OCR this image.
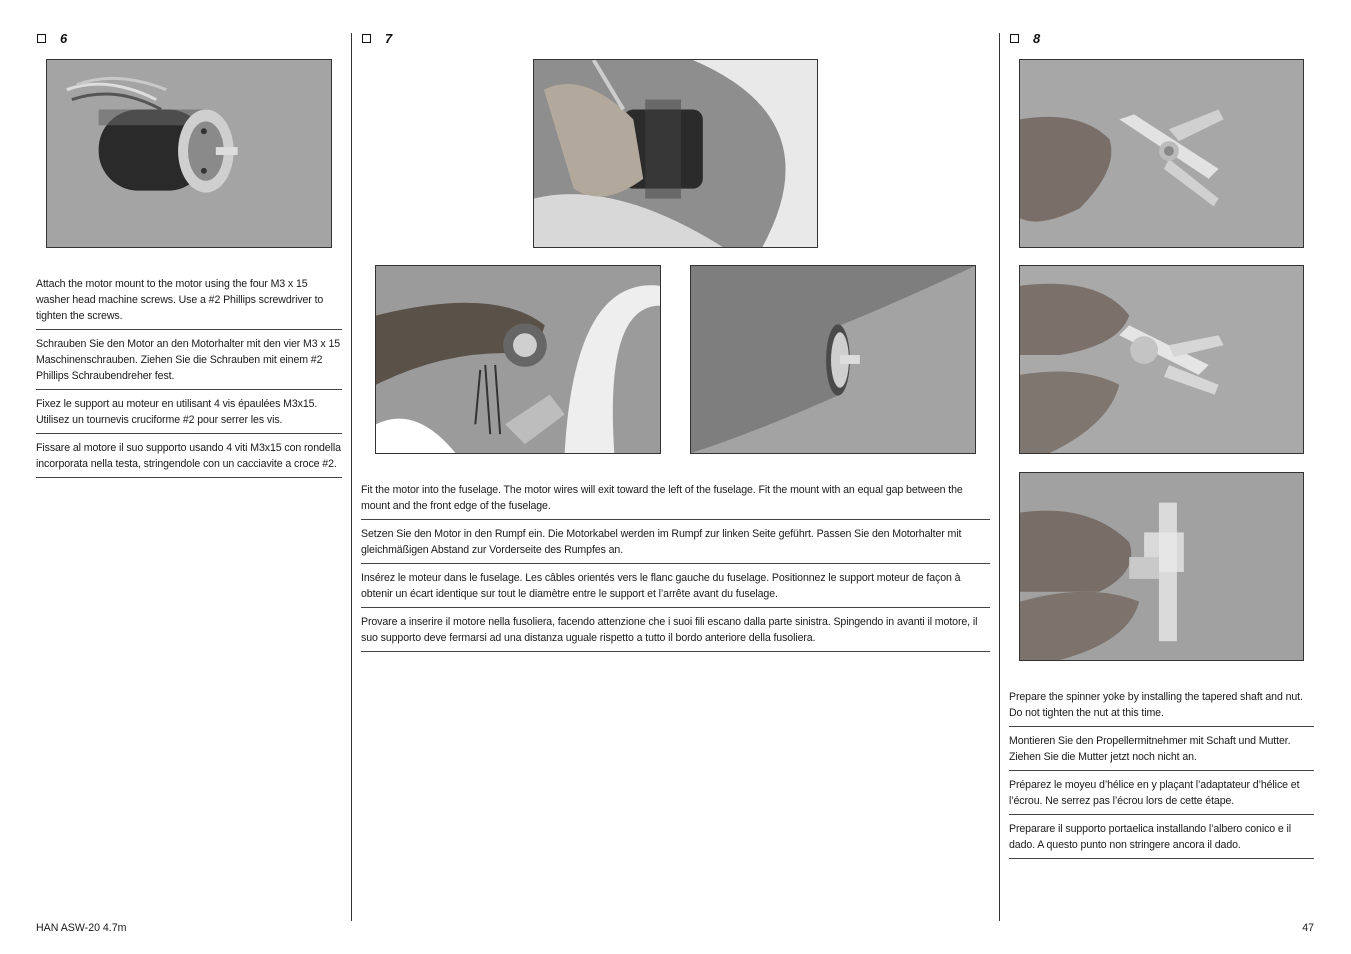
6
Attach the motor mount to the motor using the four M3 x 15 washer head machine screws. Use a #2 Phillips screwdriver to tighten the screws.
Schrauben Sie den Motor an den Motorhalter mit den vier M3 x 15 Maschinenschrauben. Ziehen Sie die Schrauben mit einem #2 Phillips Schraubendreher fest.
Fixez le support au moteur en utilisant 4 vis épaulées M3x15. Utilisez un tournevis cruciforme #2 pour serrer les vis.
Fissare al motore il suo supporto usando 4 viti M3x15 con rondella incorporata nella testa, stringendole con un cacciavite a croce #2.
7
Fit the motor into the fuselage. The motor wires will exit toward the left of the fuselage. Fit the mount with an equal gap between the mount and the front edge of the fuselage.
Setzen Sie den Motor in den Rumpf ein. Die Motorkabel werden im Rumpf zur linken Seite geführt. Passen Sie den Motorhalter mit gleichmäßigen Abstand zur Vorderseite des Rumpfes an.
Insérez le moteur dans le fuselage. Les câbles orientés vers le flanc gauche du fuselage. Positionnez le support moteur de façon à obtenir un écart identique sur tout le diamètre entre le support et l’arrête avant du fuselage.
Provare a inserire il motore nella fusoliera, facendo attenzione che i suoi fili escano dalla parte sinistra. Spingendo in avanti il motore, il suo supporto deve fermarsi ad una distanza uguale rispetto a tutto il bordo anteriore della fusoliera.
8
Prepare the spinner yoke by installing the tapered shaft and nut. Do not tighten the nut at this time.
Montieren Sie den Propellermitnehmer mit Schaft und Mutter. Ziehen Sie die Mutter jetzt noch nicht an.
Préparez le moyeu d’hélice en y plaçant l’adaptateur d’hélice et l’écrou. Ne serrez pas l’écrou lors de cette étape.
Preparare il supporto portaelica installando l’albero conico e il dado. A questo punto non stringere ancora il dado.
HAN ASW-20 4.7m	47
